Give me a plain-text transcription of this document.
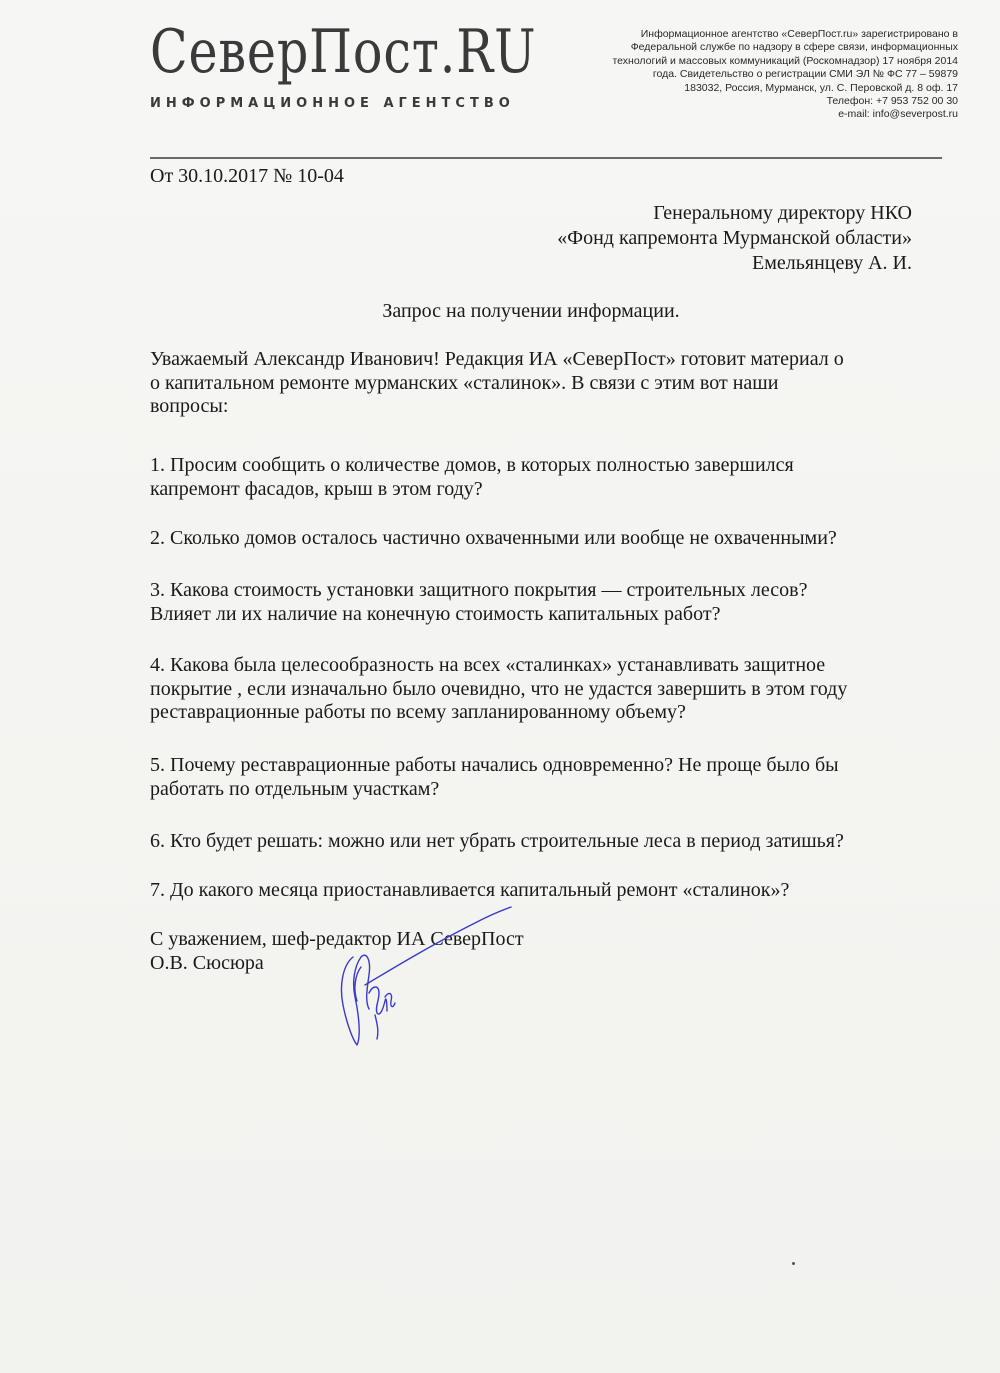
СеверПост.RU
ИНФОРМАЦИОННОЕ АГЕНТСТВО
Информационное агентство «СеверПост.ru» зарегистрировано в
Федеральной службе по надзору в сфере связи, информационных
технологий и массовых коммуникаций (Роскомнадзор) 17 ноября 2014
года. Свидетельство о регистрации СМИ ЭЛ № ФС 77 – 59879
183032, Россия, Мурманск, ул. С. Перовской д. 8 оф. 17
Телефон: +7 953 752 00 30
e-mail: info@severpost.ru
От 30.10.2017 № 10-04
Генеральному директору НКО
«Фонд капремонта Мурманской области»
Емельянцеву А. И.
Запрос на получении информации.
Уважаемый Александр Иванович! Редакция ИА «СеверПост» готовит материал о
о капитальном ремонте мурманских «сталинок». В связи с этим вот наши
вопросы:
1. Просим сообщить о количестве домов, в которых полностью завершился
капремонт фасадов, крыш в этом году?
2. Сколько домов осталось частично охваченными или вообще не охваченными?
3. Какова стоимость установки защитного покрытия — строительных лесов?
Влияет ли их наличие на конечную стоимость капитальных работ?
4. Какова была целесообразность на всех «сталинках» устанавливать защитное
покрытие , если изначально было очевидно, что не удастся завершить в этом году
реставрационные работы по всему запланированному объему?
5. Почему реставрационные работы начались одновременно? Не проще было бы
работать по отдельным участкам?
6. Кто будет решать: можно или нет убрать строительные леса в период затишья?
7. До какого месяца приостанавливается капитальный ремонт «сталинок»?
С уважением, шеф-редактор ИА СеверПост
О.В. Сюсюра
